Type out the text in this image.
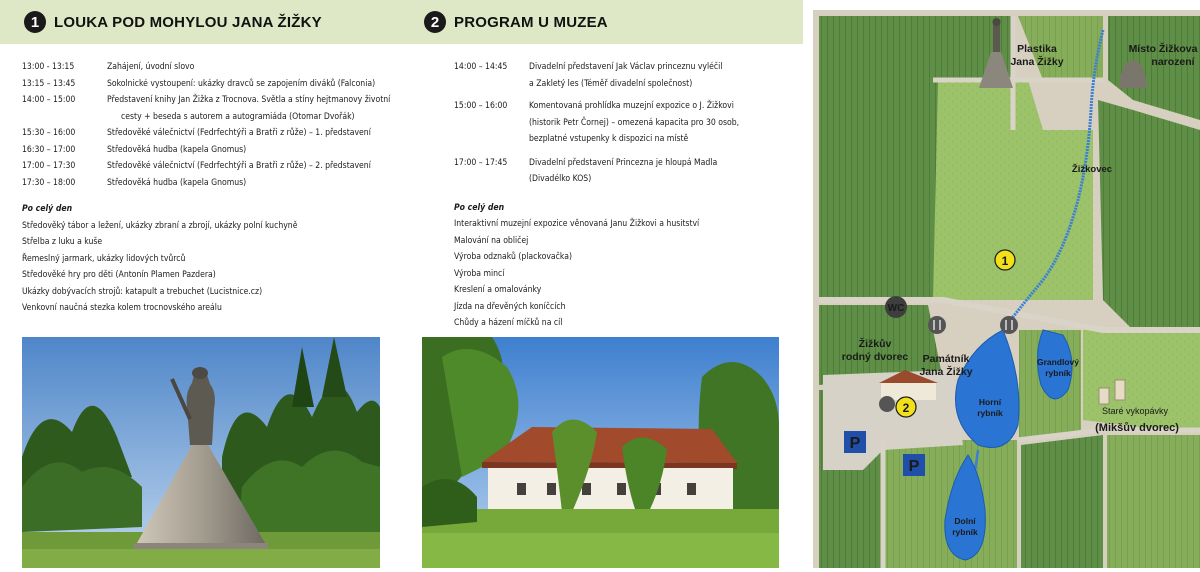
1 LOUKA POD MOHYLOU JANA ŽIŽKY
13:00 - 13:15	Zahájení, úvodní slovo
13:15 – 13:45	Sokolnické vystoupení: ukázky dravců se zapojením diváků (Falconia)
14:00 – 15:00	Představení knihy Jan Žižka z Trocnova. Světla a stíny hejtmanovy životní
cesty + beseda s autorem a autogramiáda (Otomar Dvořák)
15:30 – 16:00	Středověké válečnictví (Fedrfechtýři a Bratři z růže) – 1. představení
16:30 – 17:00	Středověká hudba (kapela Gnomus)
17:00 – 17:30	Středověké válečnictví (Fedrfechtýři a Bratři z růže) – 2. představení
17:30 – 18:00	Středověká hudba (kapela Gnomus)
Po celý den
Středověký tábor a ležení, ukázky zbraní a zbrojí, ukázky polní kuchyně
Střelba z luku a kuše
Řemeslný jarmark, ukázky lidových tvůrců
Středověké hry pro děti (Antonín Plamen Pazdera)
Ukázky dobývacích strojů: katapult a trebuchet (Lucistnice.cz)
Venkovní naučná stezka kolem trocnovského areálu
2 PROGRAM U MUZEA
14:00 – 14:45	Divadelní představení Jak Václav princeznu vyléčil
a Zakletý les (Téměř divadelní společnost)
15:00 – 16:00	Komentovaná prohlídka muzejní expozice o J. Žižkovi
(historik Petr Čornej) – omezená kapacita pro 30 osob,
bezplatné vstupenky k dispozici na místě
17:00 – 17:45	Divadelní představení Princezna je hloupá Madla
(Divadélko KOS)
Po celý den
Interaktivní muzejní expozice věnovaná Janu Žižkovi a husitství
Malování na obličej
Výroba odznaků (plackovačka)
Výroba mincí
Kreslení a omalovánky
Jízda na dřevěných koníčcích
Chůdy a házení míčků na cíl
WC
P
P
1
2
Plastika
Jana Žižky
Místo Žižkova
narození
Žižkovec
Žižkův
rodný dvorec Památník
Jana Žižky
Grandlový
rybník
Horní
rybník	Staré vykopávky
(Mikšův dvorec)
Dolní
rybník
